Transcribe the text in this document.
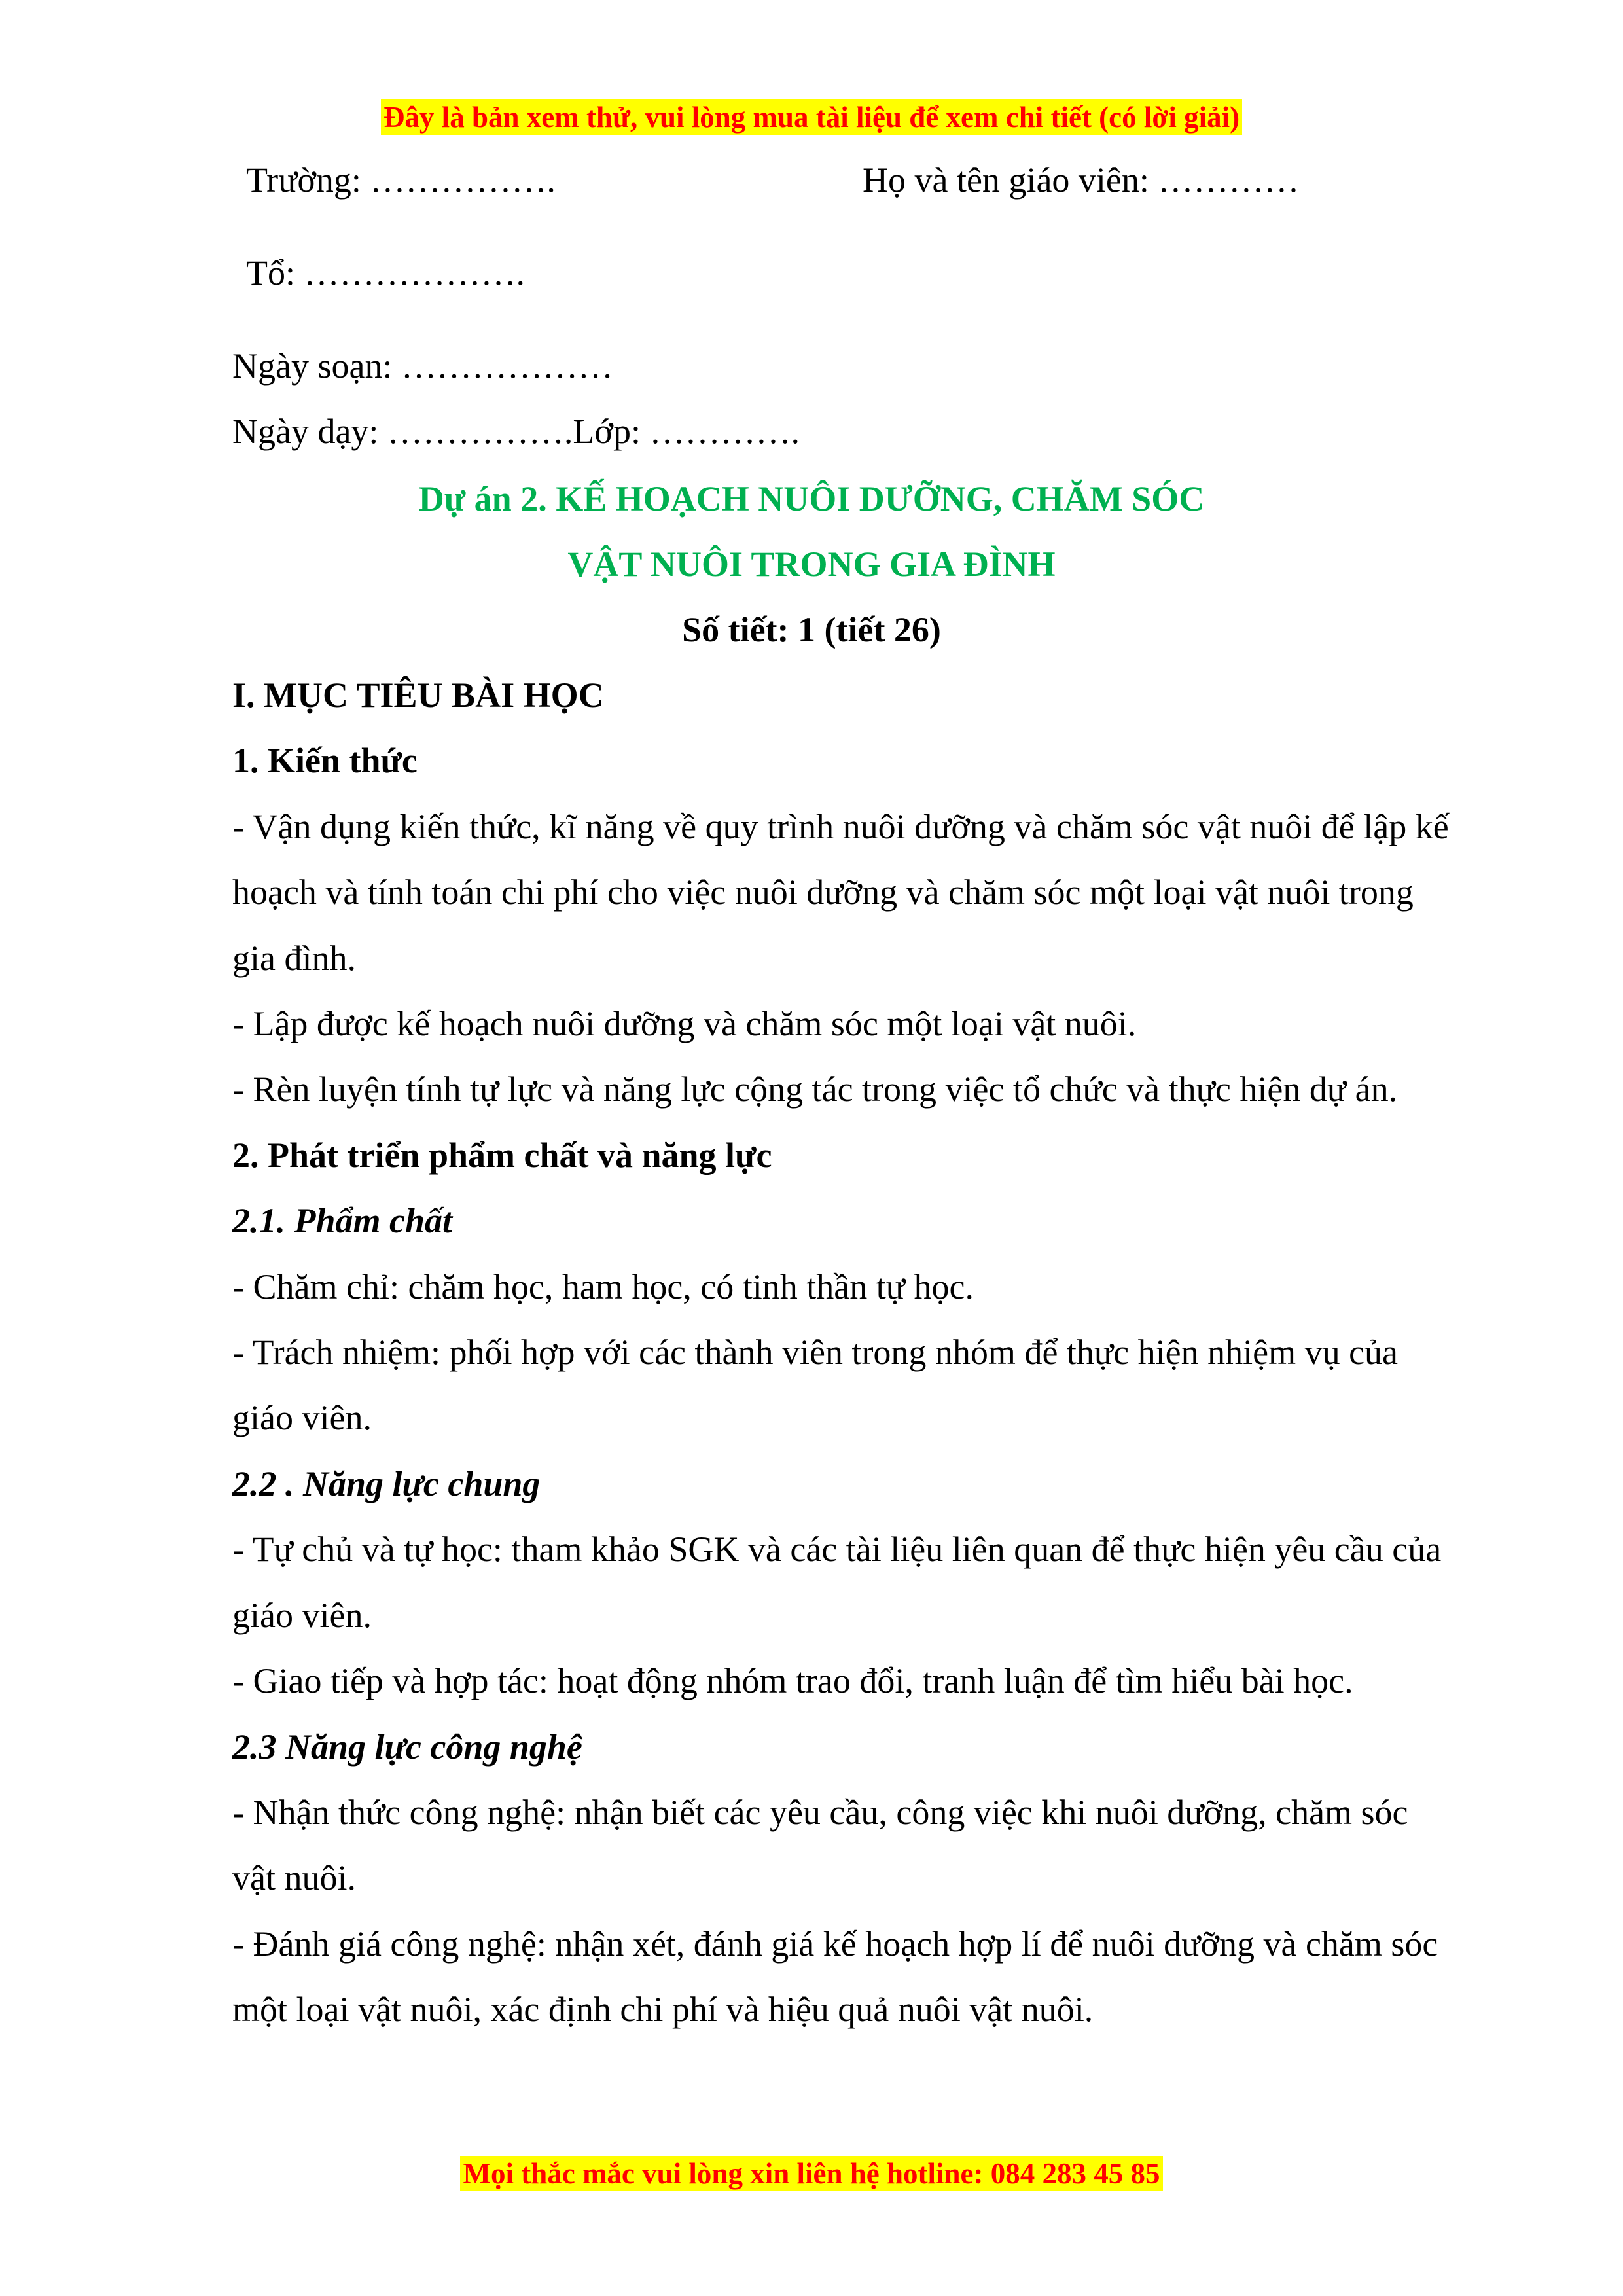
Đây là bản xem thử, vui lòng mua tài liệu để xem chi tiết (có lời giải)
Trường: …………….	Họ và tên giáo viên: …………
Tổ: ……………….
Ngày soạn: ………………
Ngày dạy: …………….Lớp: ………….
Dự án 2. KẾ HOẠCH NUÔI DƯỠNG, CHĂM SÓC
VẬT NUÔI TRONG GIA ĐÌNH
Số tiết: 1 (tiết 26)

I. MỤC TIÊU BÀI HỌC

1. Kiến thức

- Vận dụng kiến thức, kĩ năng về quy trình nuôi dưỡng và chăm sóc vật nuôi để lập kế hoạch và tính toán chi phí cho việc nuôi dưỡng và chăm sóc một loại vật nuôi trong gia đình.

- Lập được kế hoạch nuôi dưỡng và chăm sóc một loại vật nuôi.

- Rèn luyện tính tự lực và năng lực cộng tác trong việc tổ chức và thực hiện dự án.

2. Phát triển phẩm chất và năng lực

2.1. Phẩm chất

- Chăm chỉ: chăm học, ham học, có tinh thần tự học.

- Trách nhiệm: phối hợp với các thành viên trong nhóm để thực hiện nhiệm vụ của giáo viên.

2.2 . Năng lực chung

- Tự chủ và tự học: tham khảo SGK và các tài liệu liên quan để thực hiện yêu cầu của giáo viên.

- Giao tiếp và hợp tác: hoạt động nhóm trao đổi, tranh luận để tìm hiểu bài học.

2.3 Năng lực công nghệ

- Nhận thức công nghệ: nhận biết các yêu cầu, công việc khi nuôi dưỡng, chăm sóc vật nuôi.

- Đánh giá công nghệ: nhận xét, đánh giá kế hoạch hợp lí để nuôi dưỡng và chăm sóc một loại vật nuôi, xác định chi phí và hiệu quả nuôi vật nuôi.

Mọi thắc mắc vui lòng xin liên hệ hotline: 084 283 45 85
